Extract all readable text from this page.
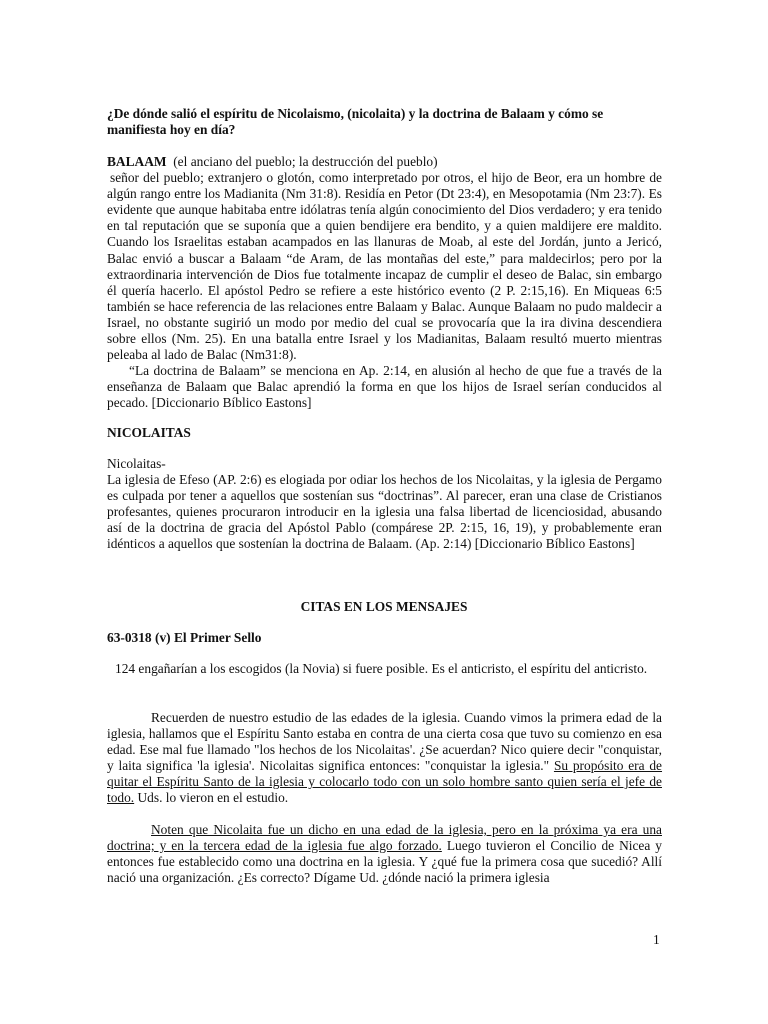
¿De dónde salió el espíritu de Nicolaismo, (nicolaita) y la doctrina de Balaam y cómo se manifiesta hoy en día?

BALAAM (el anciano del pueblo; la destrucción del pueblo)
señor del pueblo; extranjero o glotón, como interpretado por otros, el hijo de Beor, era un hombre de algún rango entre los Madianita (Nm 31:8). Residía en Petor (Dt 23:4), en Mesopotamia (Nm 23:7). Es evidente que aunque habitaba entre idólatras tenía algún conocimiento del Dios verdadero; y era tenido en tal reputación que se suponía que a quien bendijere era bendito, y a quien maldijere ere maldito. Cuando los Israelitas estaban acampados en las llanuras de Moab, al este del Jordán, junto a Jericó, Balac envió a buscar a Balaam “de Aram, de las montañas del este,” para maldecirlos; pero por la extraordinaria intervención de Dios fue totalmente incapaz de cumplir el deseo de Balac, sin embargo él quería hacerlo. El apóstol Pedro se refiere a este histórico evento (2 P. 2:15,16). En Miqueas 6:5 también se hace referencia de las relaciones entre Balaam y Balac. Aunque Balaam no pudo maldecir a Israel, no obstante sugirió un modo por medio del cual se provocaría que la ira divina descendiera sobre ellos (Nm. 25). En una batalla entre Israel y los Madianitas, Balaam resultó muerto mientras peleaba al lado de Balac (Nm31:8).
“La doctrina de Balaam” se menciona en Ap. 2:14, en alusión al hecho de que fue a través de la enseñanza de Balaam que Balac aprendió la forma en que los hijos de Israel serían conducidos al pecado. [Diccionario Bíblico Eastons]

NICOLAITAS

Nicolaitas-
La iglesia de Efeso (AP. 2:6) es elogiada por odiar los hechos de los Nicolaitas, y la iglesia de Pergamo es culpada por tener a aquellos que sostenían sus “doctrinas”. Al parecer, eran una clase de Cristianos profesantes, quienes procuraron introducir en la iglesia una falsa libertad de licenciosidad, abusando así de la doctrina de gracia del Apóstol Pablo (compárese 2P. 2:15, 16, 19), y probablemente eran idénticos a aquellos que sostenían la doctrina de Balaam. (Ap. 2:14) [Diccionario Bíblico Eastons]

CITAS EN LOS MENSAJES

63-0318 (v) El Primer Sello

124 engañarían a los escogidos (la Novia) si fuere posible. Es el anticristo, el espíritu del anticristo.

Recuerden de nuestro estudio de las edades de la iglesia. Cuando vimos la primera edad de la iglesia, hallamos que el Espíritu Santo estaba en contra de una cierta cosa que tuvo su comienzo en esa edad. Ese mal fue llamado "los hechos de los Nicolaitas'. ¿Se acuerdan? Nico quiere decir "conquistar, y laita significa 'la iglesia'. Nicolaitas significa entonces: "conquistar la iglesia." Su propósito era de quitar el Espíritu Santo de la iglesia y colocarlo todo con un solo hombre santo quien sería el jefe de todo. Uds. lo vieron en el estudio.

Noten que Nicolaita fue un dicho en una edad de la iglesia, pero en la próxima ya era una doctrina; y en la tercera edad de la iglesia fue algo forzado. Luego tuvieron el Concilio de Nicea y entonces fue establecido como una doctrina en la iglesia. Y ¿qué fue la primera cosa que sucedió? Allí nació una organización. ¿Es correcto? Dígame Ud. ¿dónde nació la primera iglesia

1
